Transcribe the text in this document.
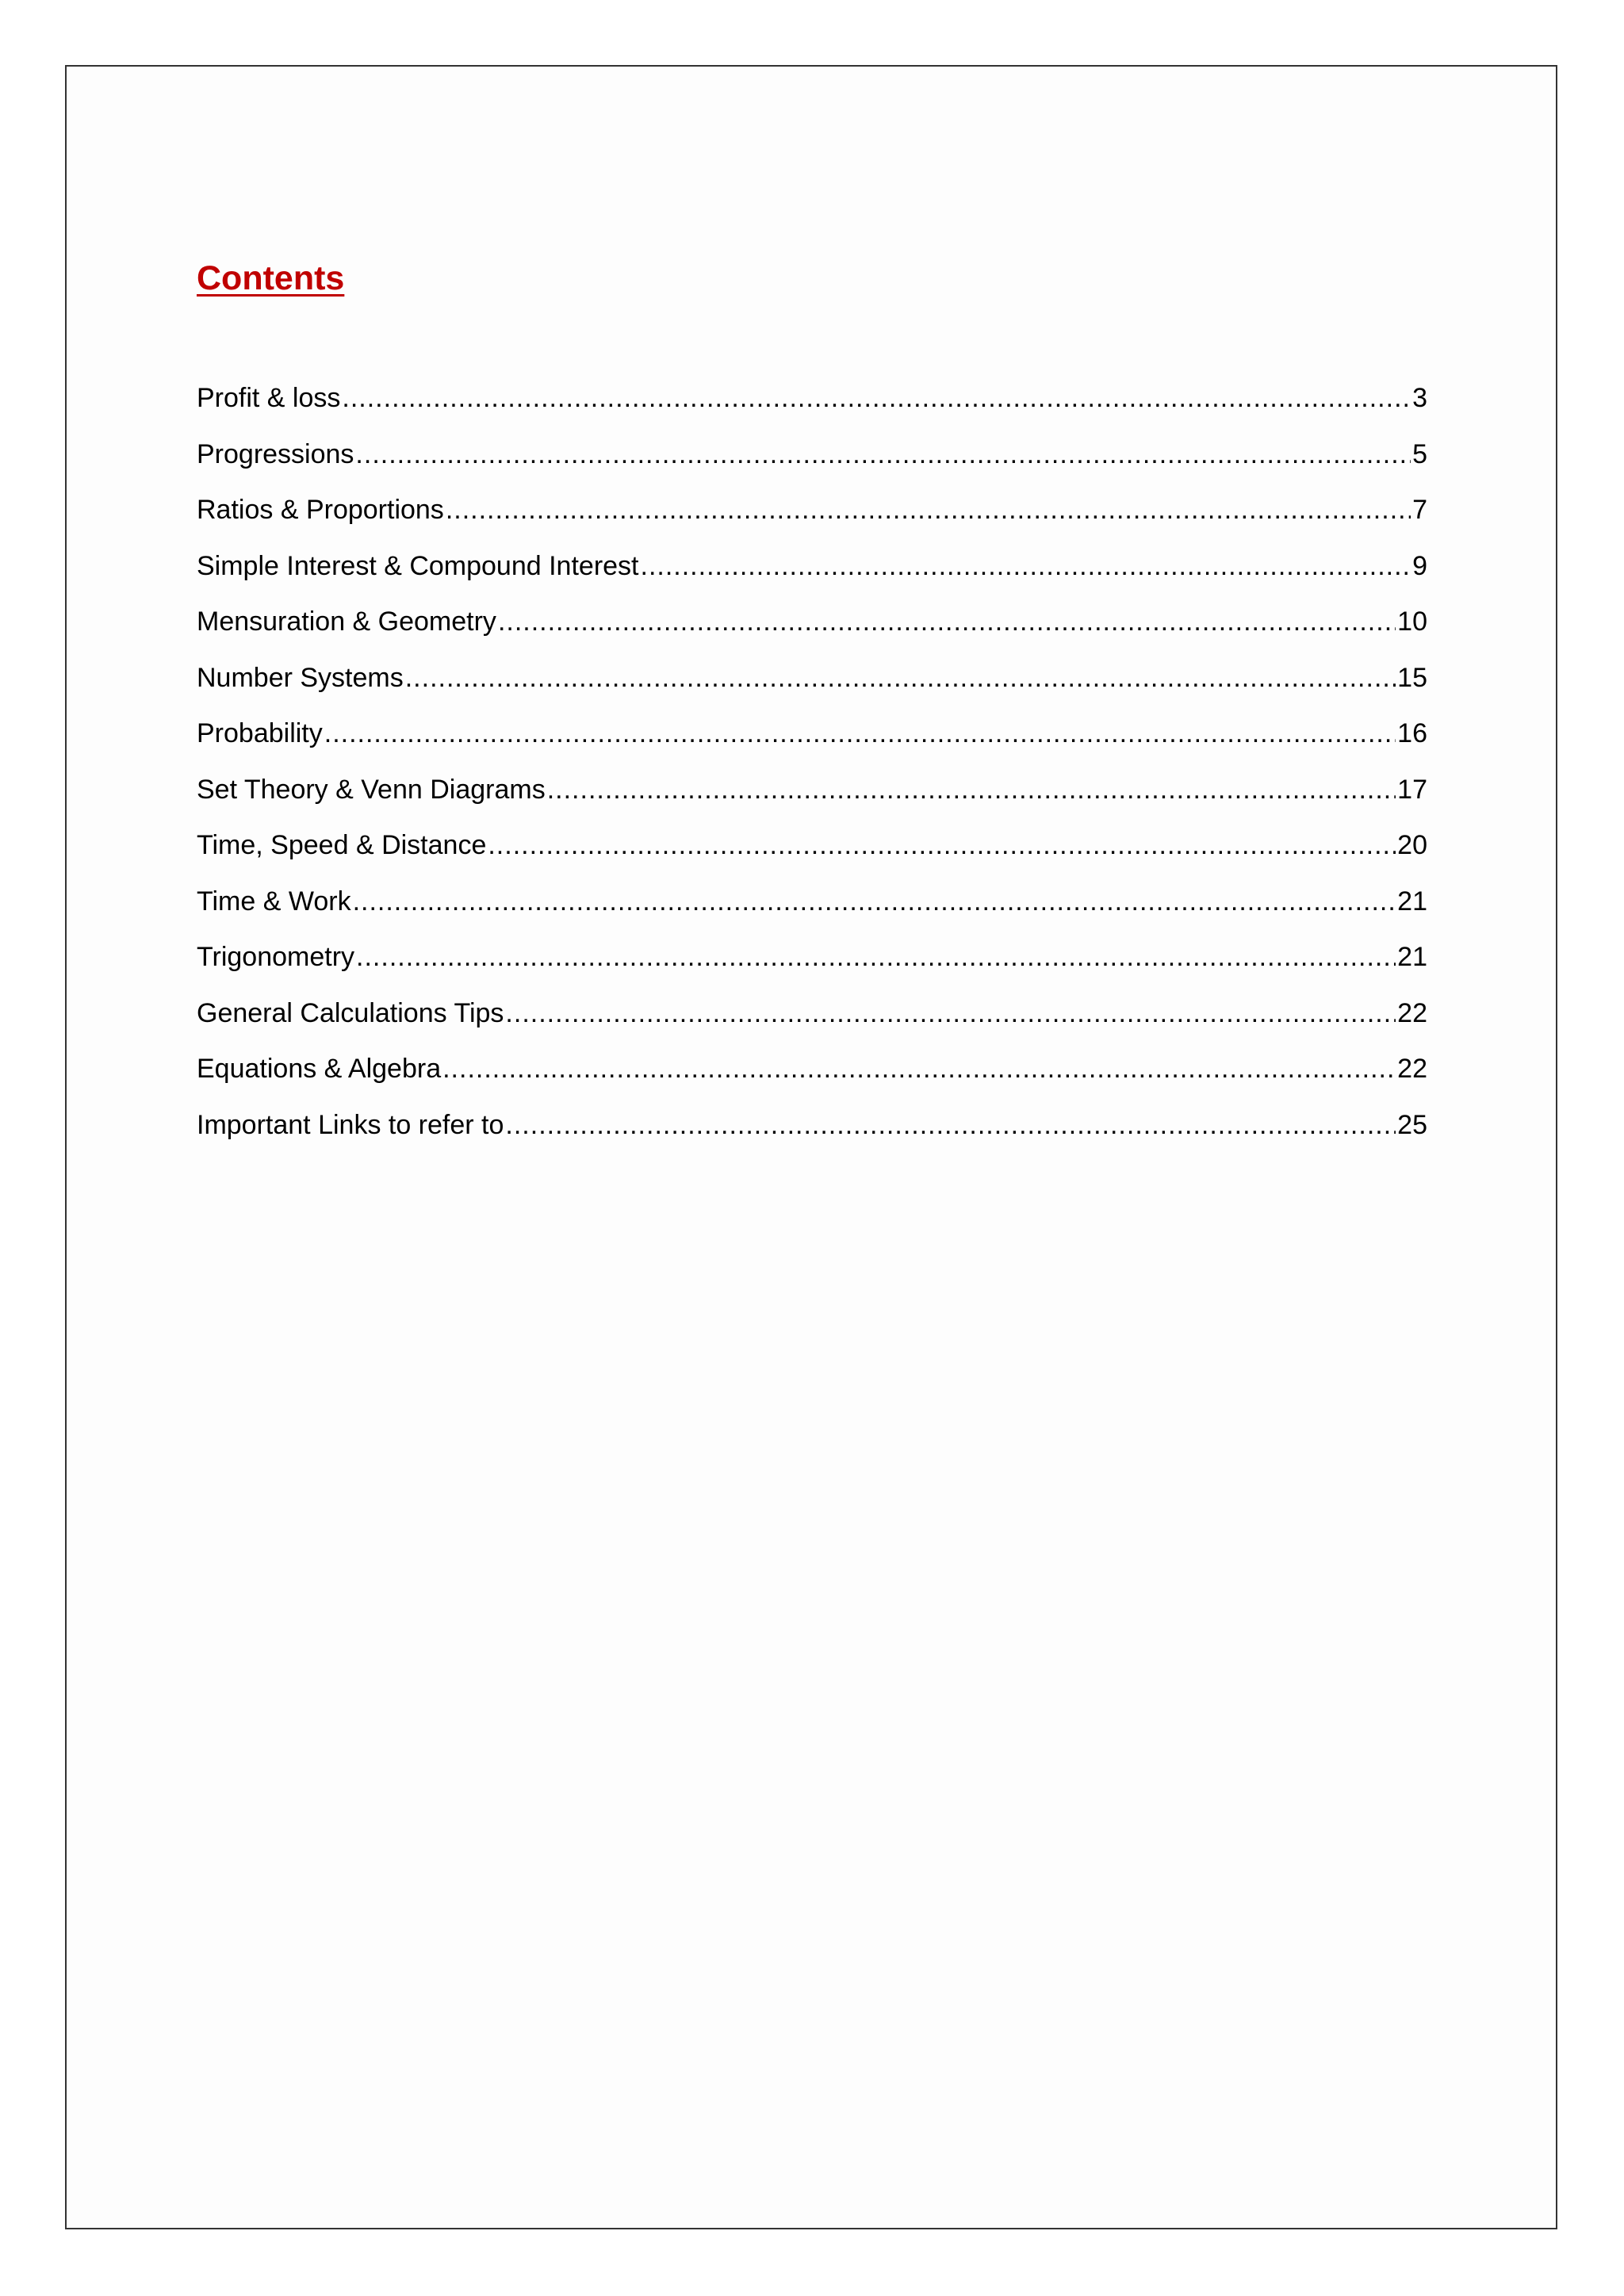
Contents
Profit & loss .....	3
Progressions .....	5
Ratios & Proportions .....	7
Simple Interest & Compound Interest .....	9
Mensuration & Geometry .....	10
Number Systems .....	15
Probability .....	16
Set Theory & Venn Diagrams .....	17
Time, Speed & Distance .....	20
Time & Work .....	21
Trigonometry .....	21
General Calculations Tips .....	22
Equations & Algebra .....	22
Important Links to refer to .....	25
